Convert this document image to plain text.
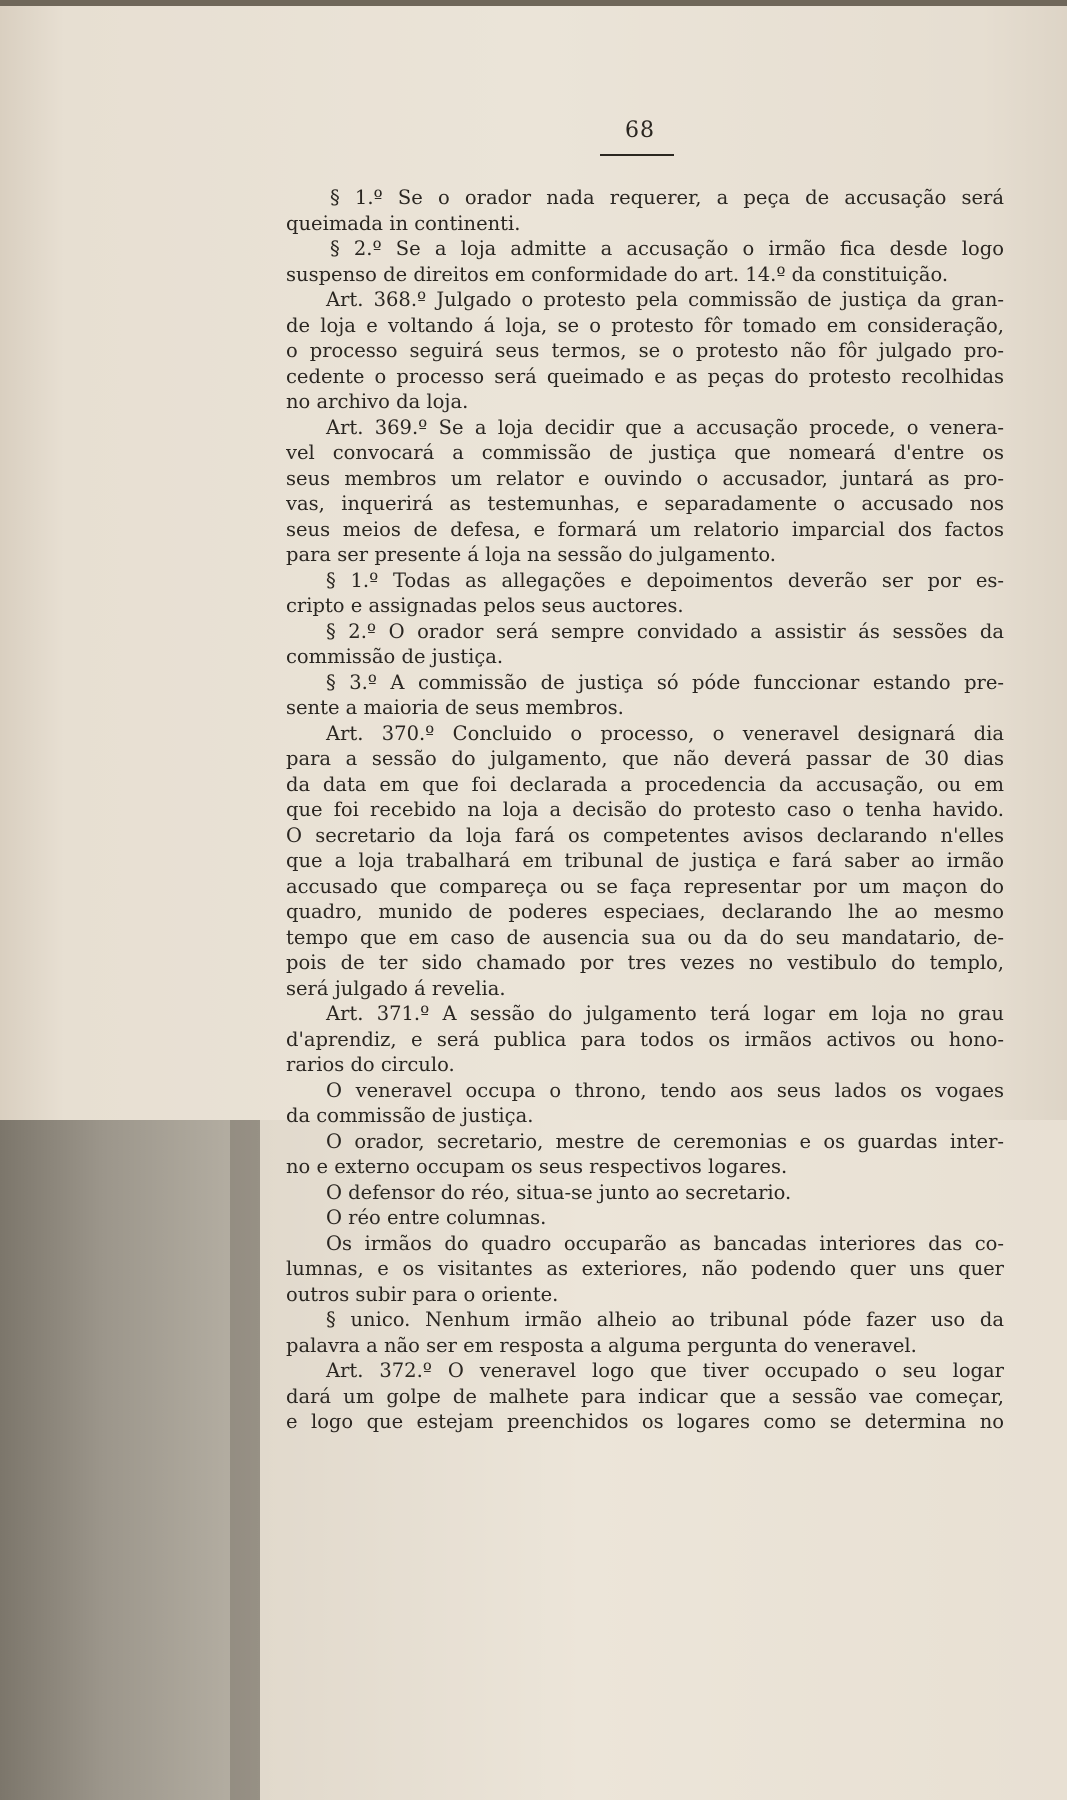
68
§ 1.º Se o orador nada requerer, a peça de accusação será
queimada in continenti.
§ 2.º Se a loja admitte a accusação o irmão fica desde logo
suspenso de direitos em conformidade do art. 14.º da constituição.
Art. 368.º Julgado o protesto pela commissão de justiça da gran-
de loja e voltando á loja, se o protesto fôr tomado em consideração,
o processo seguirá seus termos, se o protesto não fôr julgado pro-
cedente o processo será queimado e as peças do protesto recolhidas
no archivo da loja.
Art. 369.º Se a loja decidir que a accusação procede, o venera-
vel convocará a commissão de justiça que nomeará d'entre os
seus membros um relator e ouvindo o accusador, juntará as pro-
vas, inquerirá as testemunhas, e separadamente o accusado nos
seus meios de defesa, e formará um relatorio imparcial dos factos
para ser presente á loja na sessão do julgamento.
§ 1.º Todas as allegações e depoimentos deverão ser por es-
cripto e assignadas pelos seus auctores.
§ 2.º O orador será sempre convidado a assistir ás sessões da
commissão de justiça.
§ 3.º A commissão de justiça só póde funccionar estando pre-
sente a maioria de seus membros.
Art. 370.º Concluido o processo, o veneravel designará dia
para a sessão do julgamento, que não deverá passar de 30 dias
da data em que foi declarada a procedencia da accusação, ou em
que foi recebido na loja a decisão do protesto caso o tenha havido.
O secretario da loja fará os competentes avisos declarando n'elles
que a loja trabalhará em tribunal de justiça e fará saber ao irmão
accusado que compareça ou se faça representar por um maçon do
quadro, munido de poderes especiaes, declarando lhe ao mesmo
tempo que em caso de ausencia sua ou da do seu mandatario, de-
pois de ter sido chamado por tres vezes no vestibulo do templo,
será julgado á revelia.
Art. 371.º A sessão do julgamento terá logar em loja no grau
d'aprendiz, e será publica para todos os irmãos activos ou hono-
rarios do circulo.
O veneravel occupa o throno, tendo aos seus lados os vogaes
da commissão de justiça.
O orador, secretario, mestre de ceremonias e os guardas inter-
no e externo occupam os seus respectivos logares.
O defensor do réo, situa-se junto ao secretario.
O réo entre columnas.
Os irmãos do quadro occuparão as bancadas interiores das co-
lumnas, e os visitantes as exteriores, não podendo quer uns quer
outros subir para o oriente.
§ unico. Nenhum irmão alheio ao tribunal póde fazer uso da
palavra a não ser em resposta a alguma pergunta do veneravel.
Art. 372.º O veneravel logo que tiver occupado o seu logar
dará um golpe de malhete para indicar que a sessão vae começar,
e logo que estejam preenchidos os logares como se determina no
